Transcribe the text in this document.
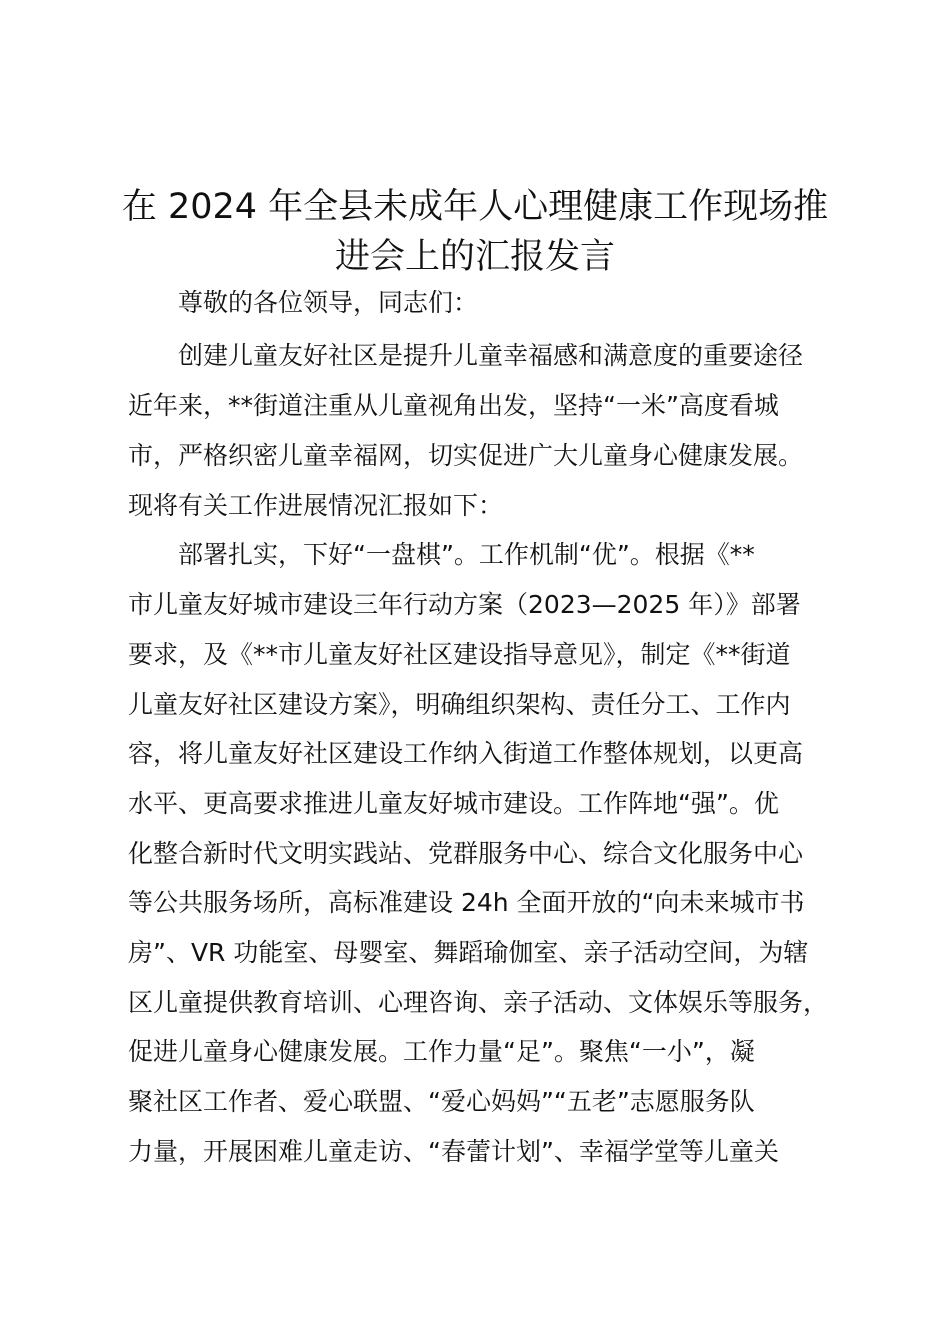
在 2024 年全县未成年人心理健康工作现场推
进会上的汇报发言

尊敬的各位领导，同志们：

创建儿童友好社区是提升儿童幸福感和满意度的重要途径

近年来，**街道注重从儿童视角出发，坚持“一米”高度看城

市，严格织密儿童幸福网，切实促进广大儿童身心健康发展。

现将有关工作进展情况汇报如下：

部署扎实，下好“一盘棋”。工作机制“优”。根据《**

市儿童友好城市建设三年行动方案（2023—2025 年）》部署

要求，及《**市儿童友好社区建设指导意见》，制定《**街道

儿童友好社区建设方案》，明确组织架构、责任分工、工作内

容，将儿童友好社区建设工作纳入街道工作整体规划，以更高

水平、更高要求推进儿童友好城市建设。工作阵地“强”。优

化整合新时代文明实践站、党群服务中心、综合文化服务中心

等公共服务场所，高标准建设 24h 全面开放的“向未来城市书

房”、VR 功能室、母婴室、舞蹈瑜伽室、亲子活动空间，为辖

区儿童提供教育培训、心理咨询、亲子活动、文体娱乐等服务，

促进儿童身心健康发展。工作力量“足”。聚焦“一小”，凝

聚社区工作者、爱心联盟、“爱心妈妈”“五老”志愿服务队

力量，开展困难儿童走访、“春蕾计划”、幸福学堂等儿童关
